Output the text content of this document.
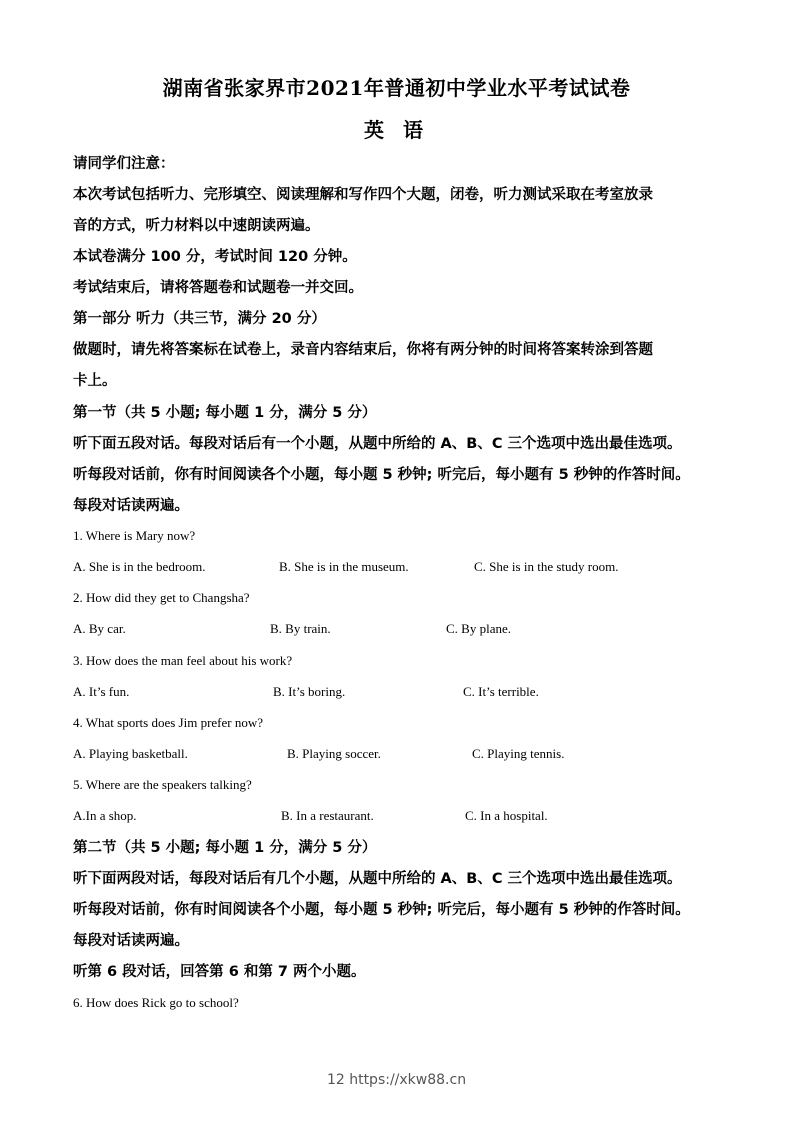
湖南省张家界市2021年普通初中学业水平考试试卷
英 语
请同学们注意：
本次考试包括听力、完形填空、阅读理解和写作四个大题，闭卷，听力测试采取在考室放录
音的方式，听力材料以中速朗读两遍。
本试卷满分 100 分，考试时间 120 分钟。
考试结束后，请将答题卷和试题卷一并交回。
第一部分 听力（共三节，满分 20 分）
做题时，请先将答案标在试卷上，录音内容结束后，你将有两分钟的时间将答案转涂到答题
卡上。
第一节（共 5 小题; 每小题 1 分，满分 5 分）
听下面五段对话。每段对话后有一个小题，从题中所给的 A、B、C 三个选项中选出最佳选项。
听每段对话前，你有时间阅读各个小题，每小题 5 秒钟; 听完后，每小题有 5 秒钟的作答时间。
每段对话读两遍。
1. Where is Mary now?
A. She is in the bedroom.	B. She is in the museum.	C. She is in the study room.
2. How did they get to Changsha?
A. By car.	B. By train.	C. By plane.
3. How does the man feel about his work?
A. It’s fun.	B. It’s boring.	C. It’s terrible.
4. What sports does Jim prefer now?
A. Playing basketball.	B. Playing soccer.	C. Playing tennis.
5. Where are the speakers talking?
A.In a shop.	B. In a restaurant.	C. In a hospital.
第二节（共 5 小题; 每小题 1 分，满分 5 分）
听下面两段对话，每段对话后有几个小题，从题中所给的 A、B、C 三个选项中选出最佳选项。
听每段对话前，你有时间阅读各个小题，每小题 5 秒钟; 听完后，每小题有 5 秒钟的作答时间。
每段对话读两遍。
听第 6 段对话，回答第 6 和第 7 两个小题。
6. How does Rick go to school?
12 https://xkw88.cn
